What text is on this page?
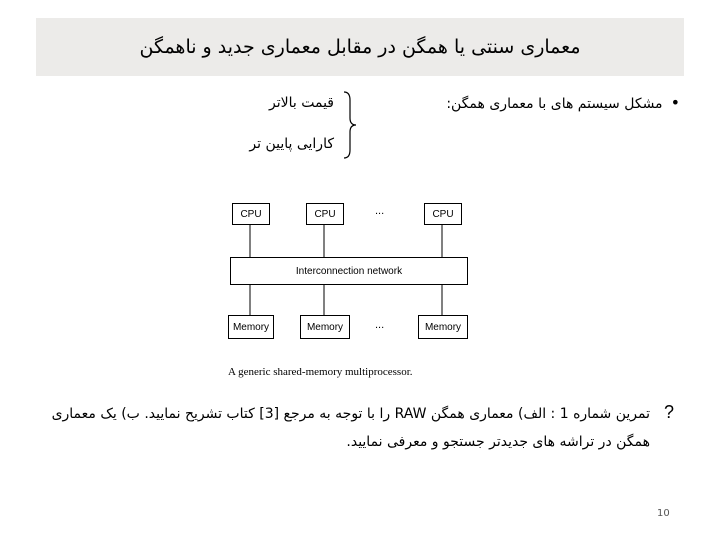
معماری سنتی یا همگن در مقابل معماری جدید و ناهمگن
•مشکل سیستم های با معماری همگن:
قیمت بالاتر
کارایی پایین تر
CPU	CPU	...	CPU
Interconnection network
Memory	Memory	...	Memory
A generic shared-memory multiprocessor.
?
تمرین شماره 1 : الف) معماری همگن RAW را با توجه به مرجع [3] کتاب تشریح نمایید. ب) یک معماری همگن در تراشه های جدیدتر جستجو و معرفی نمایید.
10
